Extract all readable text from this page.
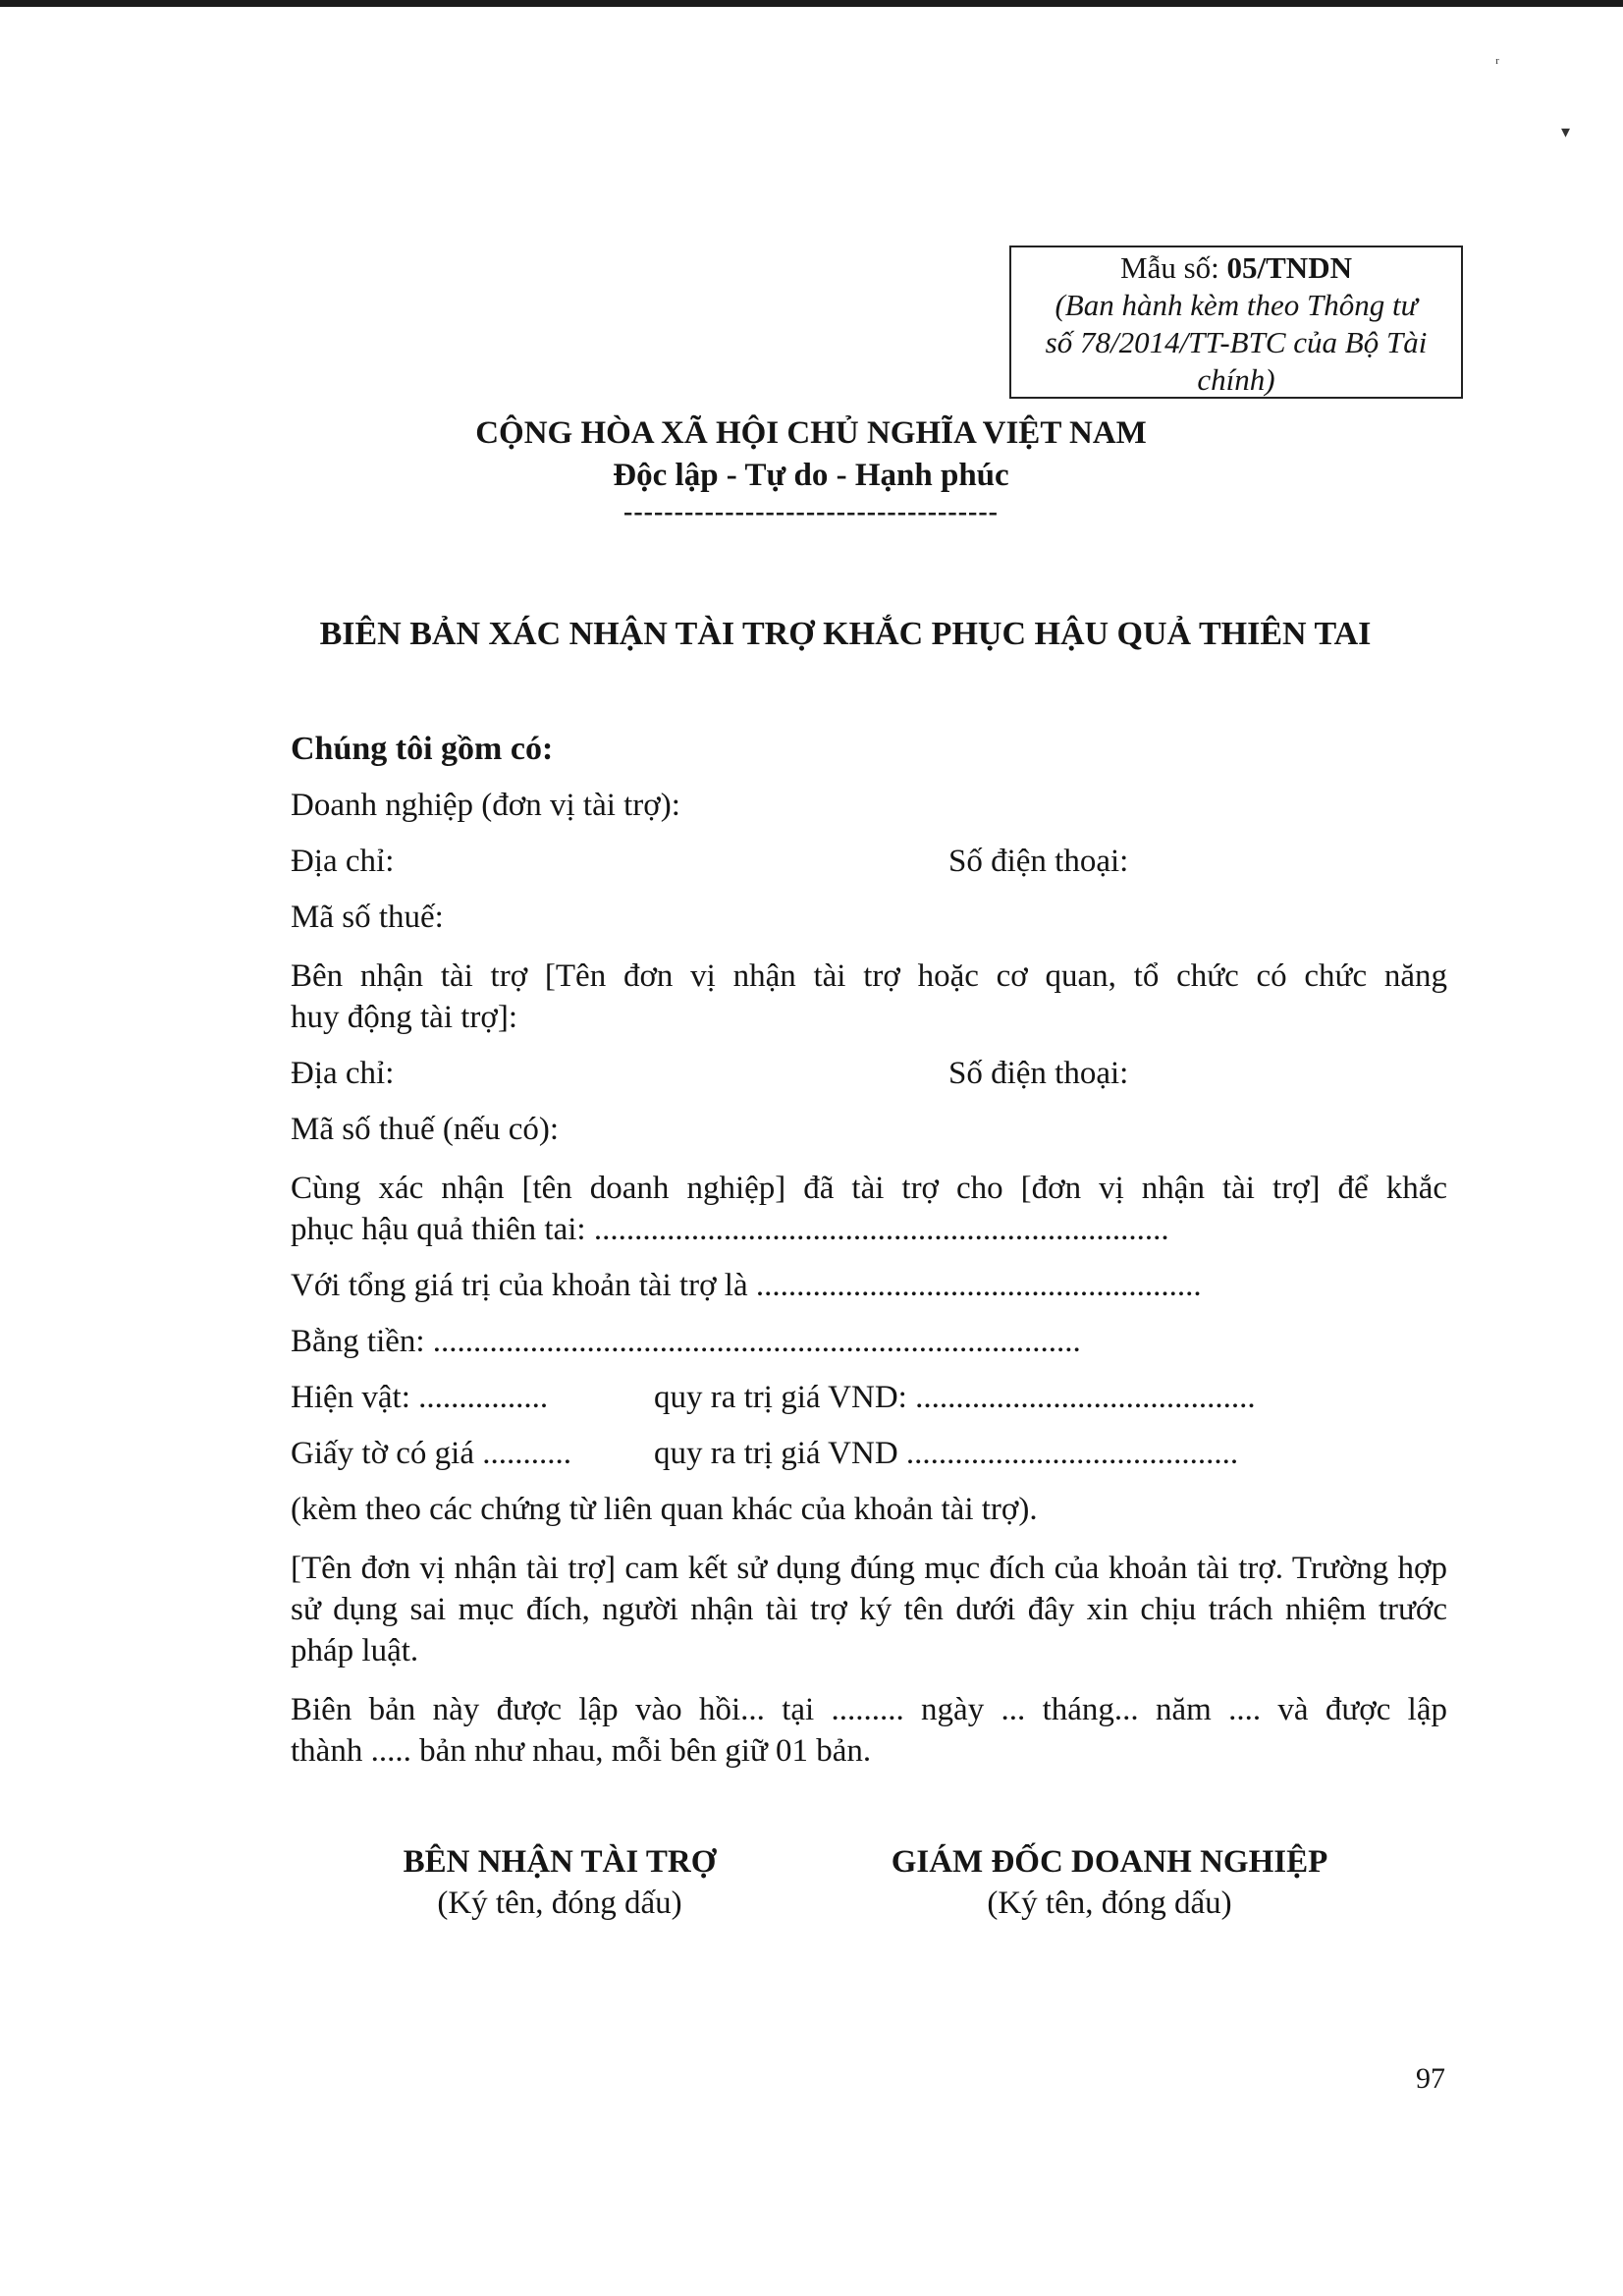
ʳ
▾
Mẫu số: 05/TNDN
(Ban hành kèm theo Thông tư
số 78/2014/TT-BTC của Bộ Tài
chính)
CỘNG HÒA XÃ HỘI CHỦ NGHĨA VIỆT NAM
Độc lập - Tự do - Hạnh phúc
-------------------------------------
BIÊN BẢN XÁC NHẬN TÀI TRỢ KHẮC PHỤC HẬU QUẢ THIÊN TAI
Chúng tôi gồm có:
Doanh nghiệp (đơn vị tài trợ):
Địa chỉ:	Số điện thoại:
Mã số thuế:
Bên nhận tài trợ [Tên đơn vị nhận tài trợ hoặc cơ quan, tổ chức có chức năng
huy động tài trợ]:
Địa chỉ:	Số điện thoại:
Mã số thuế (nếu có):
Cùng xác nhận [tên doanh nghiệp] đã tài trợ cho [đơn vị nhận tài trợ] để khắc
phục hậu quả thiên tai: .......................................................................
Với tổng giá trị của khoản tài trợ là .......................................................
Bằng tiền: ................................................................................
Hiện vật: ................	quy ra trị giá VND: ..........................................
Giấy tờ có giá ...........	quy ra trị giá VND .........................................
(kèm theo các chứng từ liên quan khác của khoản tài trợ).
[Tên đơn vị nhận tài trợ] cam kết sử dụng đúng mục đích của khoản tài trợ. Trường hợp sử dụng sai mục đích, người nhận tài trợ ký tên dưới đây xin chịu trách nhiệm trước pháp luật.
Biên bản này được lập vào hồi... tại ......... ngày ... tháng... năm .... và được lập
thành ..... bản như nhau, mỗi bên giữ 01 bản.
BÊN NHẬN TÀI TRỢ
(Ký tên, đóng dấu)
GIÁM ĐỐC DOANH NGHIỆP
(Ký tên, đóng dấu)
97
